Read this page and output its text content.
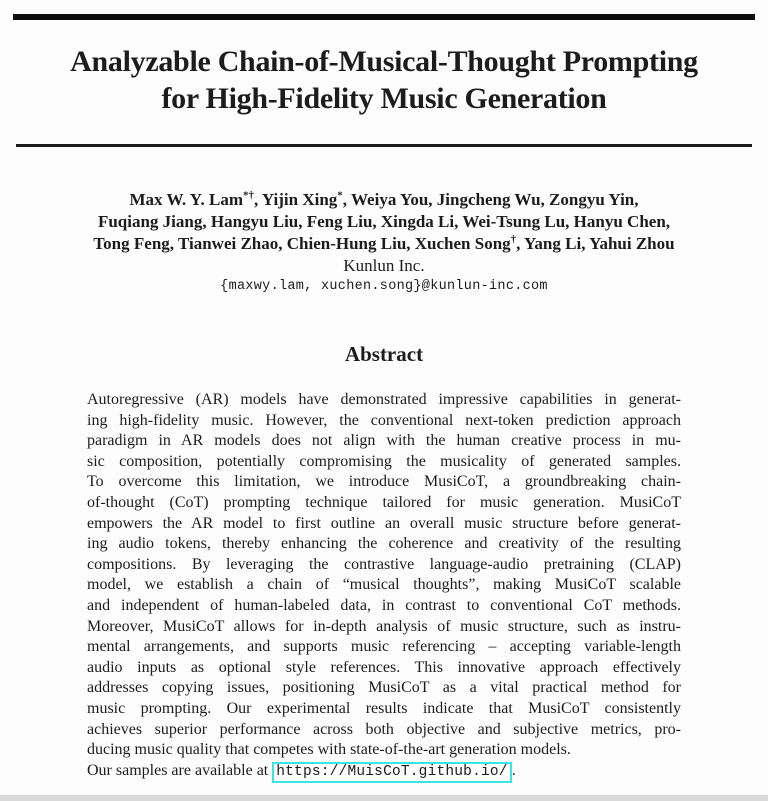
Analyzable Chain-of-Musical-Thought Prompting
for High-Fidelity Music Generation
Max W. Y. Lam*†, Yijin Xing*, Weiya You, Jingcheng Wu, Zongyu Yin,
Fuqiang Jiang, Hangyu Liu, Feng Liu, Xingda Li, Wei-Tsung Lu, Hanyu Chen,
Tong Feng, Tianwei Zhao, Chien-Hung Liu, Xuchen Song†, Yang Li, Yahui Zhou
Kunlun Inc.
{maxwy.lam, xuchen.song}@kunlun-inc.com
Abstract
Autoregressive (AR) models have demonstrated impressive capabilities in generat-
ing high-fidelity music. However, the conventional next-token prediction approach
paradigm in AR models does not align with the human creative process in mu-
sic composition, potentially compromising the musicality of generated samples.
To overcome this limitation, we introduce MusiCoT, a groundbreaking chain-
of-thought (CoT) prompting technique tailored for music generation. MusiCoT
empowers the AR model to first outline an overall music structure before generat-
ing audio tokens, thereby enhancing the coherence and creativity of the resulting
compositions. By leveraging the contrastive language-audio pretraining (CLAP)
model, we establish a chain of “musical thoughts”, making MusiCoT scalable
and independent of human-labeled data, in contrast to conventional CoT methods.
Moreover, MusiCoT allows for in-depth analysis of music structure, such as instru-
mental arrangements, and supports music referencing – accepting variable-length
audio inputs as optional style references. This innovative approach effectively
addresses copying issues, positioning MusiCoT as a vital practical method for
music prompting. Our experimental results indicate that MusiCoT consistently
achieves superior performance across both objective and subjective metrics, pro-
ducing music quality that competes with state-of-the-art generation models.
Our samples are available at https://MuisCoT.github.io/ .
